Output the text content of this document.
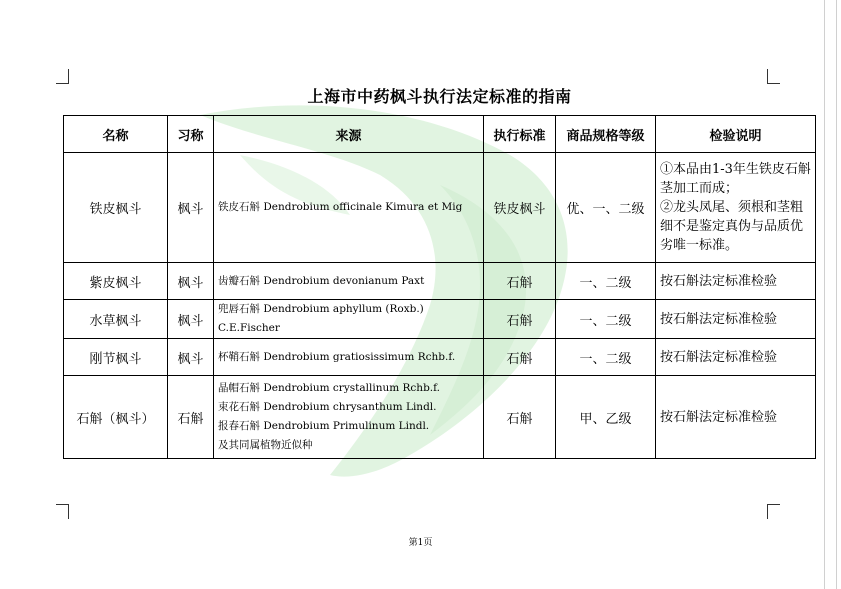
上海市中药枫斗执行法定标准的指南
名称	习称	来源	执行标准	商品规格等级	检验说明
铁皮枫斗	枫斗	铁皮石斛 Dendrobium officinale Kimura et Mig	铁皮枫斗	优、一、二级	①本品由1-3年生铁皮石斛茎加工而成；
②龙头凤尾、须根和茎粗细不是鉴定真伪与品质优劣唯一标准。

紫皮枫斗	枫斗	齿瓣石斛 Dendrobium devonianum Paxt	石斛	一、二级	按石斛法定标准检验
水草枫斗	枫斗	兜唇石斛 Dendrobium aphyllum (Roxb.) C.E.Fischer	石斛	一、二级	按石斛法定标准检验
刚节枫斗	枫斗	杯鞘石斛 Dendrobium gratiosissimum Rchb.f.	石斛	一、二级	按石斛法定标准检验
石斛（枫斗）	石斛	晶帽石斛 Dendrobium crystallinum Rchb.f.
束花石斛 Dendrobium chrysanthum Lindl.
报春石斛 Dendrobium Primulinum Lindl.
及其同属植物近似种	石斛	甲、乙级	按石斛法定标准检验
第1页
